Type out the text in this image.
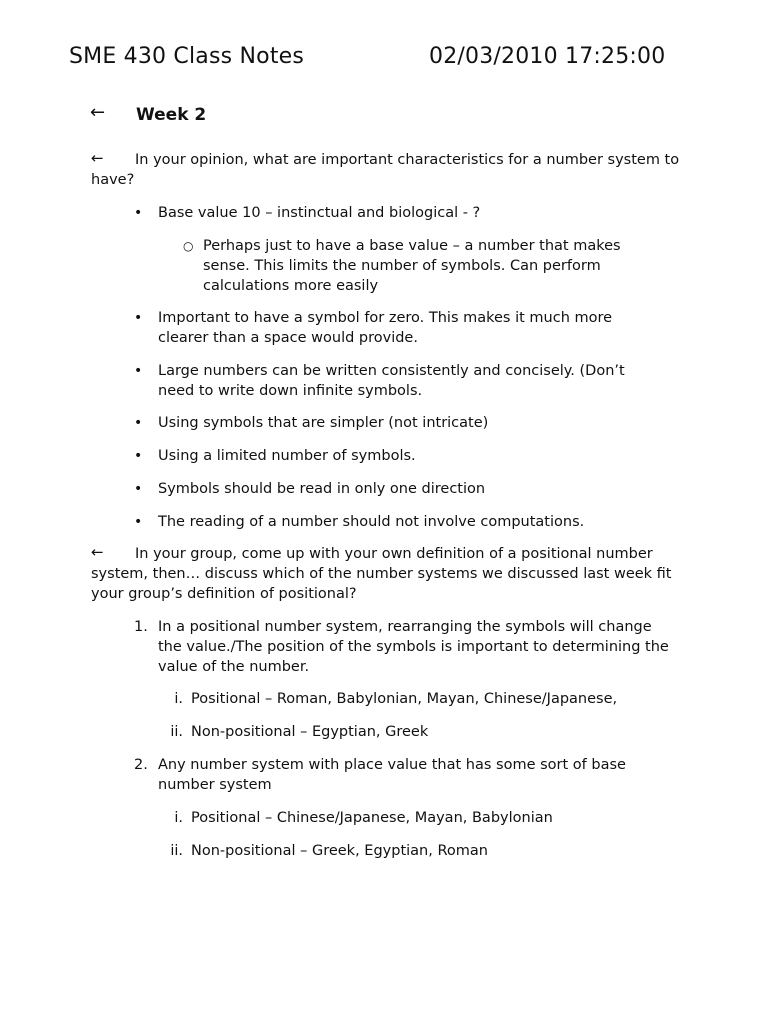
SME 430 Class Notes	02/03/2010 17:25:00
← Week 2
←	In your opinion, what are important characteristics for a number system to have?

• Base value 10 – instinctual and biological - ?
○ Perhaps just to have a base value – a number that makes sense. This limits the number of symbols. Can perform calculations more easily
• Important to have a symbol for zero. This makes it much more clearer than a space would provide.
• Large numbers can be written consistently and concisely. (Don’t need to write down infinite symbols.
• Using symbols that are simpler (not intricate)
• Using a limited number of symbols.
• Symbols should be read in only one direction
• The reading of a number should not involve computations.
←	In your group, come up with your own definition of a positional number system, then… discuss which of the number systems we discussed last week fit your group’s definition of positional?

1. In a positional number system, rearranging the symbols will change the value./The position of the symbols is important to determining the value of the number.
i. Positional – Roman, Babylonian, Mayan, Chinese/Japanese,
ii. Non-positional – Egyptian, Greek
2. Any number system with place value that has some sort of base number system
i. Positional – Chinese/Japanese, Mayan, Babylonian
ii. Non-positional – Greek, Egyptian, Roman
